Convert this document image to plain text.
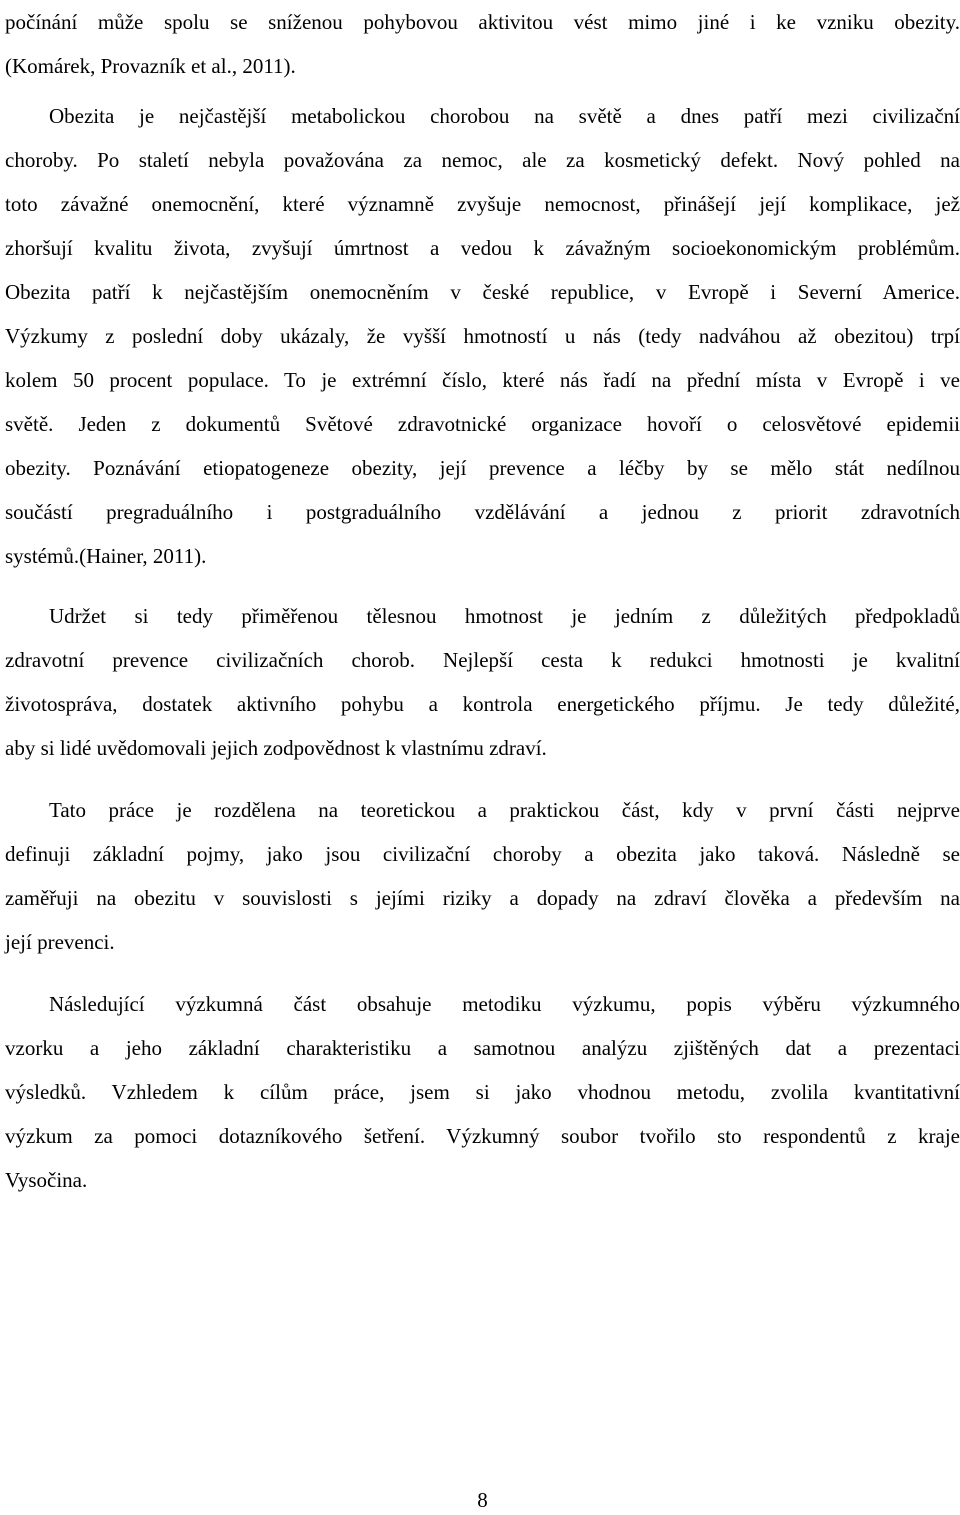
počínání může spolu se sníženou pohybovou aktivitou vést mimo jiné i ke vzniku obezity.
(Komárek, Provazník et al., 2011).
Obezita je nejčastější metabolickou chorobou na světě a dnes patří mezi civilizační
choroby. Po staletí nebyla považována za nemoc, ale za kosmetický defekt. Nový pohled na
toto závažné onemocnění, které významně zvyšuje nemocnost, přinášejí její komplikace, jež
zhoršují kvalitu života, zvyšují úmrtnost a vedou k závažným socioekonomickým problémům.
Obezita patří k nejčastějším onemocněním v české republice, v Evropě i Severní Americe.
Výzkumy z poslední doby ukázaly, že vyšší hmotností u nás (tedy nadváhou až obezitou) trpí
kolem 50 procent populace. To je extrémní číslo, které nás řadí na přední místa v Evropě i ve
světě. Jeden z dokumentů Světové zdravotnické organizace hovoří o celosvětové epidemii
obezity. Poznávání etiopatogeneze obezity, její prevence a léčby by se mělo stát nedílnou
součástí pregraduálního i postgraduálního vzdělávání a jednou z priorit zdravotních
systémů.(Hainer, 2011).
Udržet si tedy přiměřenou tělesnou hmotnost je jedním z důležitých předpokladů
zdravotní prevence civilizačních chorob. Nejlepší cesta k redukci hmotnosti je kvalitní
životospráva, dostatek aktivního pohybu a kontrola energetického příjmu. Je tedy důležité,
aby si lidé uvědomovali jejich zodpovědnost k vlastnímu zdraví.
Tato práce je rozdělena na teoretickou a praktickou část, kdy v první části nejprve
definuji základní pojmy, jako jsou civilizační choroby a obezita jako taková. Následně se
zaměřuji na obezitu v souvislosti s jejími riziky a dopady na zdraví člověka a především na
její prevenci.
Následující výzkumná část obsahuje metodiku výzkumu, popis výběru výzkumného
vzorku a jeho základní charakteristiku a samotnou analýzu zjištěných dat a prezentaci
výsledků. Vzhledem k cílům práce, jsem si jako vhodnou metodu, zvolila kvantitativní
výzkum za pomoci dotazníkového šetření. Výzkumný soubor tvořilo sto respondentů z kraje
Vysočina.
8
